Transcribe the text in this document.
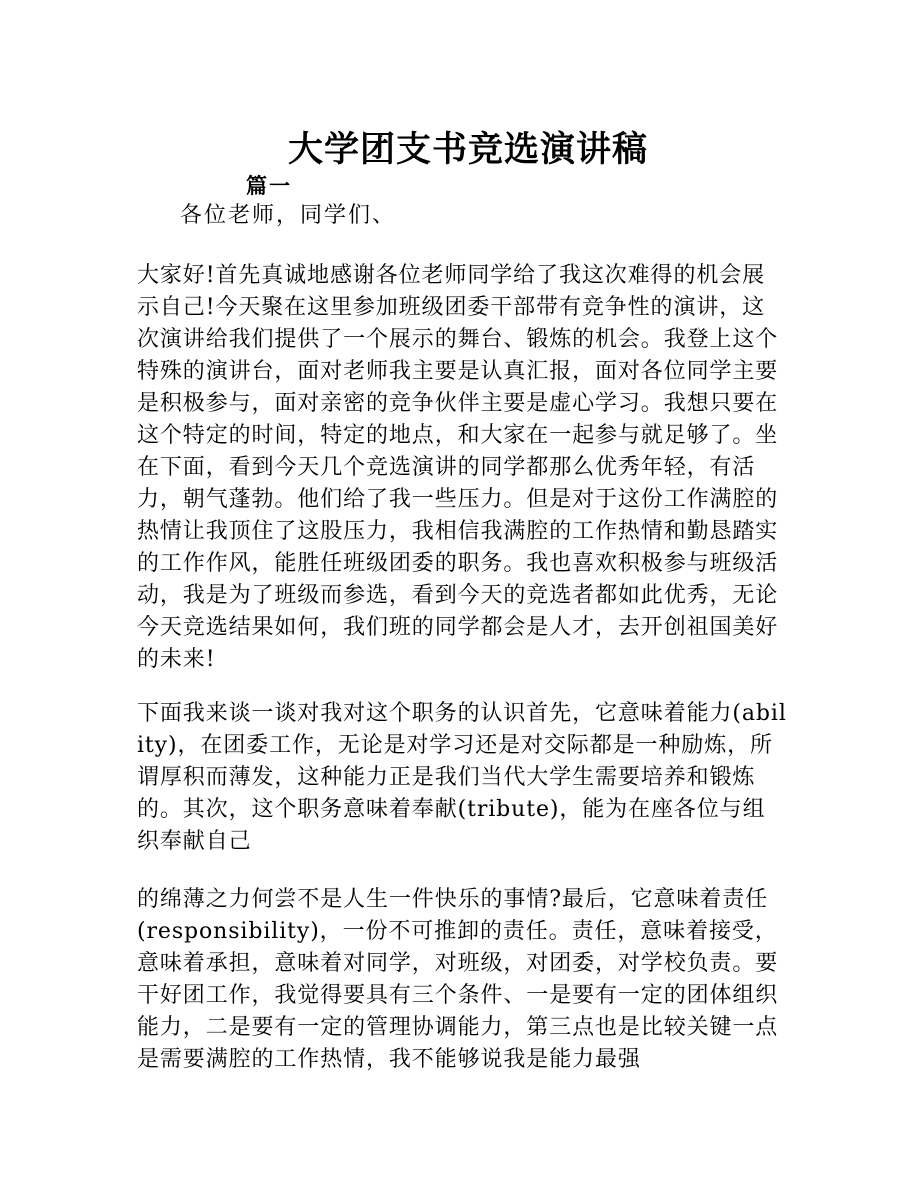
大学团支书竞选演讲稿
篇一
各位老师，同学们、

大家好!首先真诚地感谢各位老师同学给了我这次难得的机会展示自己!今天聚在这里参加班级团委干部带有竞争性的演讲，这次演讲给我们提供了一个展示的舞台、锻炼的机会。我登上这个特殊的演讲台，面对老师我主要是认真汇报，面对各位同学主要是积极参与，面对亲密的竞争伙伴主要是虚心学习。我想只要在这个特定的时间，特定的地点，和大家在一起参与就足够了。坐在下面，看到今天几个竞选演讲的同学都那么优秀年轻，有活力，朝气蓬勃。他们给了我一些压力。但是对于这份工作满腔的热情让我顶住了这股压力，我相信我满腔的工作热情和勤恳踏实的工作作风，能胜任班级团委的职务。我也喜欢积极参与班级活动，我是为了班级而参选，看到今天的竞选者都如此优秀，无论今天竞选结果如何，我们班的同学都会是人才，去开创祖国美好的未来!

下面我来谈一谈对我对这个职务的认识首先，它意味着能力(ability)，在团委工作，无论是对学习还是对交际都是一种励炼，所谓厚积而薄发，这种能力正是我们当代大学生需要培养和锻炼的。其次，这个职务意味着奉献(tribute)，能为在座各位与组织奉献自己

的绵薄之力何尝不是人生一件快乐的事情?最后，它意味着责任(responsibility)，一份不可推卸的责任。责任，意味着接受，意味着承担，意味着对同学，对班级，对团委，对学校负责。要干好团工作，我觉得要具有三个条件、一是要有一定的团体组织能力，二是要有一定的管理协调能力，第三点也是比较关键一点是需要满腔的工作热情，我不能够说我是能力最强
